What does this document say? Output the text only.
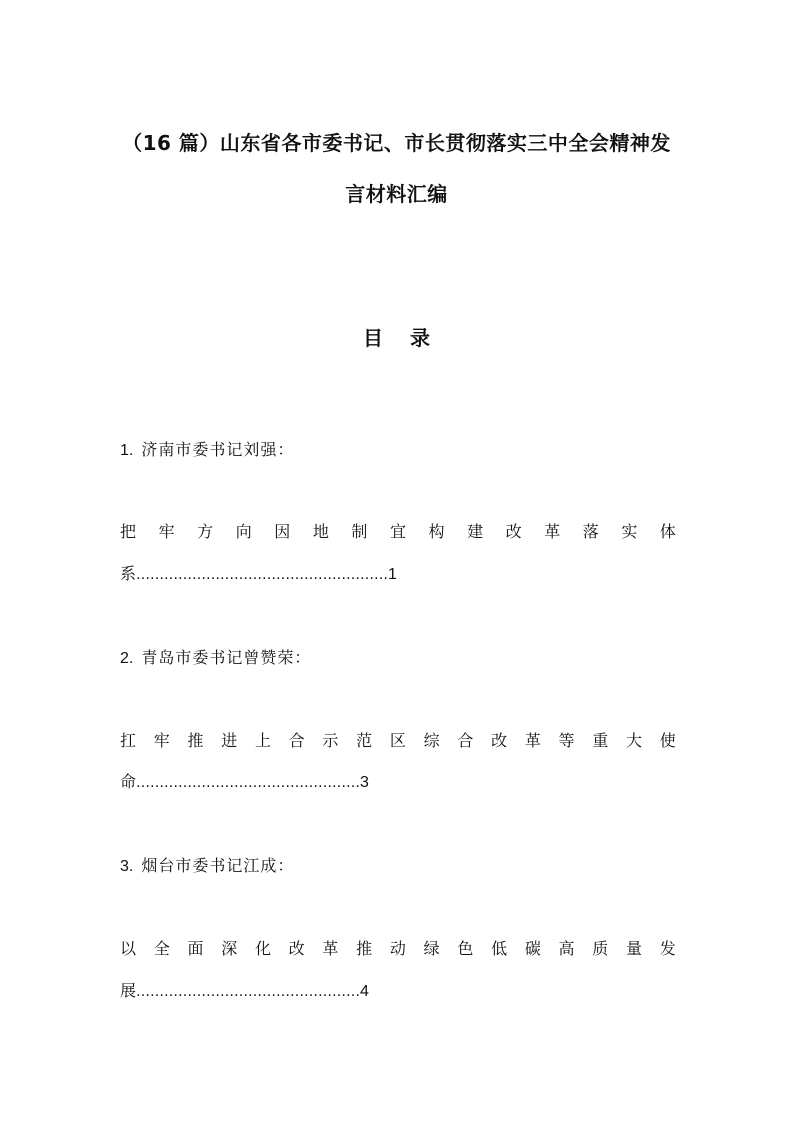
（16 篇）山东省各市委书记、市长贯彻落实三中全会精神发
言材料汇编
目 录
1. 济南市委书记刘强：
把 牢 方 向 因 地 制 宜 构 建 改 革 落 实 体
系………………………………………………1
2. 青岛市委书记曾赞荣：
扛 牢 推 进 上 合 示 范 区 综 合 改 革 等 重 大 使
命…………………………………………3
3. 烟台市委书记江成：
以 全 面 深 化 改 革 推 动 绿 色 低 碳 高 质 量 发
展…………………………………………4
